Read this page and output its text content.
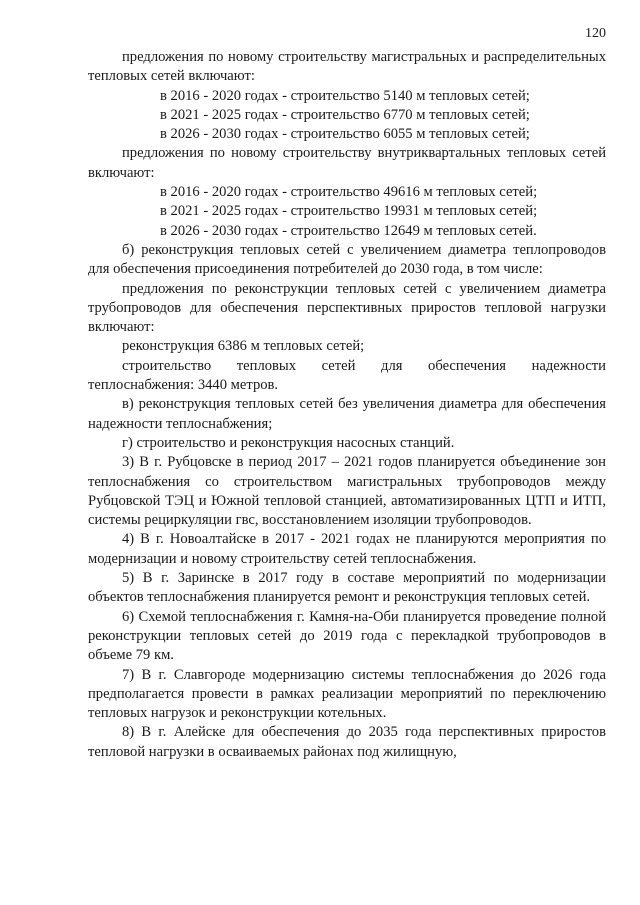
120

предложения по новому строительству магистральных и распределительных тепловых сетей включают:

в 2016 - 2020 годах - строительство 5140 м тепловых сетей;

в 2021 - 2025 годах - строительство 6770 м тепловых сетей;

в 2026 - 2030 годах - строительство 6055 м тепловых сетей;

предложения по новому строительству внутриквартальных тепловых сетей включают:

в 2016 - 2020 годах - строительство 49616 м тепловых сетей;

в 2021 - 2025 годах - строительство 19931 м тепловых сетей;

в 2026 - 2030 годах - строительство 12649 м тепловых сетей.

б) реконструкция тепловых сетей с увеличением диаметра теплопроводов для обеспечения присоединения потребителей до 2030 года, в том числе:

предложения по реконструкции тепловых сетей с увеличением диаметра трубопроводов для обеспечения перспективных приростов тепловой нагрузки включают:

реконструкция 6386 м тепловых сетей;

строительство тепловых сетей для обеспечения надежности теплоснабжения: 3440 метров.

в) реконструкция тепловых сетей без увеличения диаметра для обеспечения надежности теплоснабжения;

г) строительство и реконструкция насосных станций.

3) В г. Рубцовске в период 2017 – 2021 годов планируется объединение зон теплоснабжения со строительством магистральных трубопроводов между Рубцовской ТЭЦ и Южной тепловой станцией, автоматизированных ЦТП и ИТП, системы рециркуляции гвс, восстановлением изоляции трубопроводов.

4) В г. Новоалтайске в 2017 - 2021 годах не планируются мероприятия по модернизации и новому строительству сетей теплоснабжения.

5) В г. Заринске в 2017 году в составе мероприятий по модернизации объектов теплоснабжения планируется ремонт и реконструкция тепловых сетей.

6) Схемой теплоснабжения г. Камня-на-Оби планируется проведение полной реконструкции тепловых сетей до 2019 года с перекладкой трубопроводов в объеме 79 км.

7) В г. Славгороде модернизацию системы теплоснабжения до 2026 года предполагается провести в рамках реализации мероприятий по переключению тепловых нагрузок и реконструкции котельных.

8) В г. Алейске для обеспечения до 2035 года перспективных приростов тепловой нагрузки в осваиваемых районах под жилищную,
